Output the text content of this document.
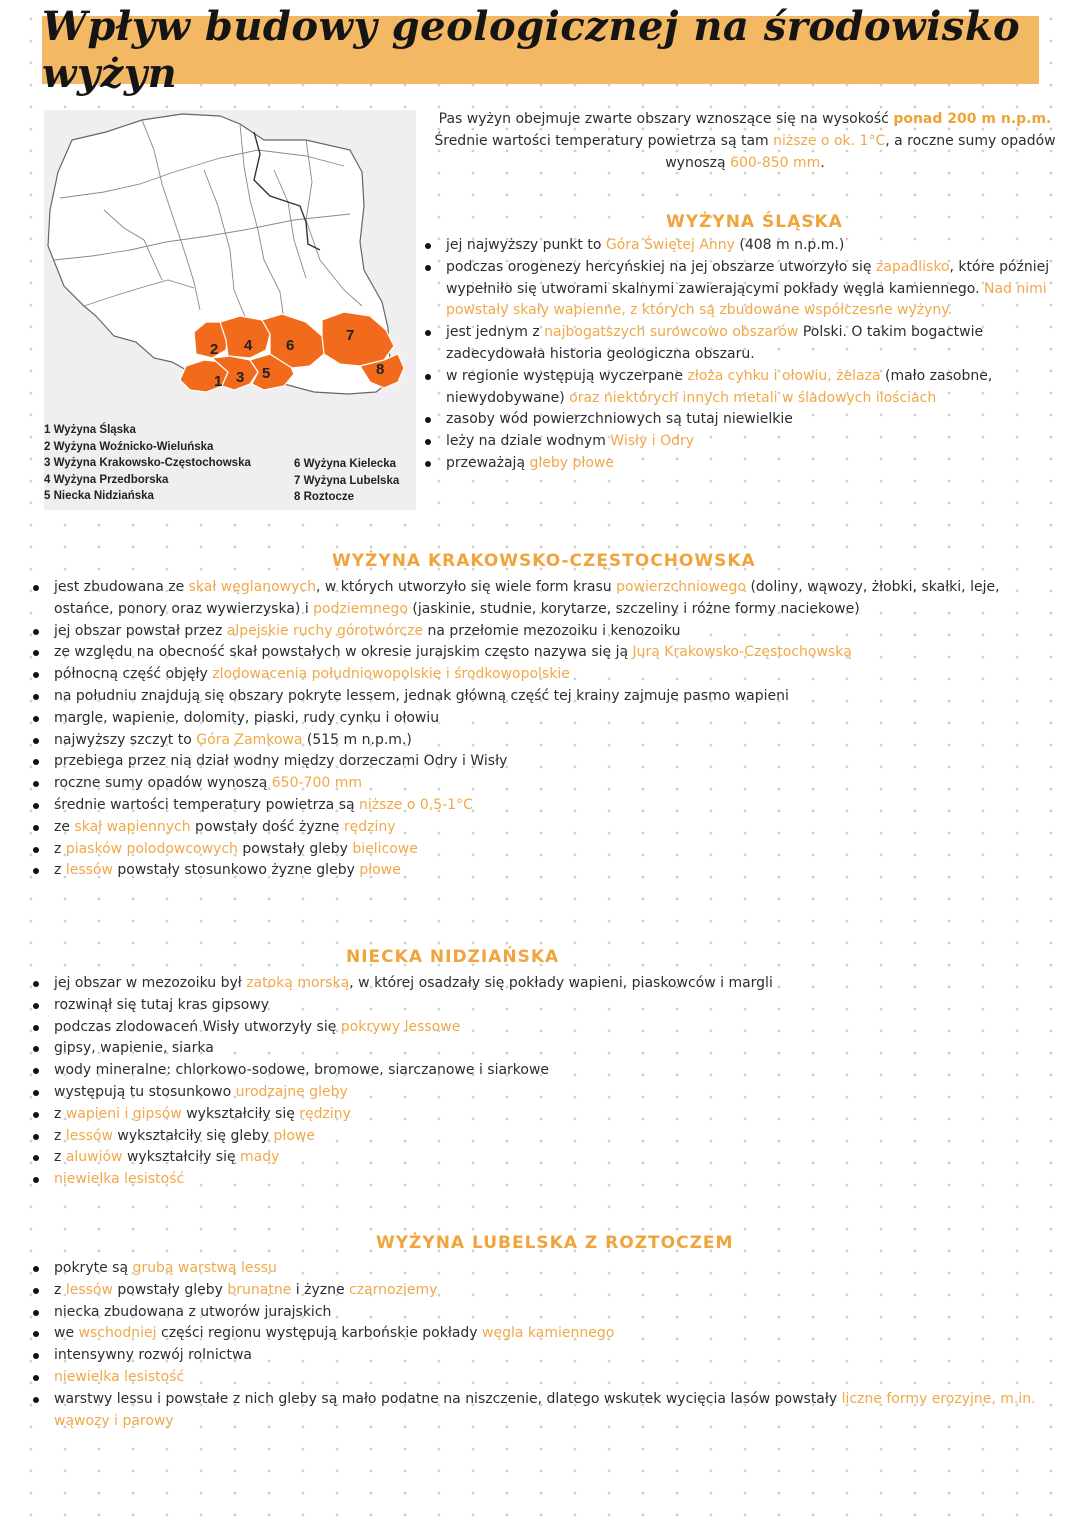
Wpływ budowy geologicznej na środowisko wyżyn
2 4
1 3 5
6
7
8
1 Wyżyna Śląska
2 Wyżyna Woźnicko-Wieluńska
3 Wyżyna Krakowsko-Częstochowska
4 Wyżyna Przedborska
5 Niecka Nidziańska
6 Wyżyna Kielecka
7 Wyżyna Lubelska
8 Roztocze

Pas wyżyn obejmuje zwarte obszary wznoszące się na wysokość ponad 200 m n.p.m.

Średnie wartości temperatury powietrza są tam niższe o ok. 1°C, a roczne sumy opadów wynoszą 600-850 mm.

WYŻYNA ŚLĄSKA
jej najwyższy punkt to Góra Świętej Anny (408 m n.p.m.)
podczas orogenezy hercyńskiej na jej obszarze utworzyło się zapadlisko, które później wypełniło się utworami skalnymi zawierającymi pokłady węgla kamiennego. Nad nimi powstały skały wapienne, z których są zbudowane współczesne wyżyny.
jest jednym z najbogatszych surowcowo obszarów Polski. O takim bogactwie zadecydowała historia geologiczna obszaru.
w regionie występują wyczerpane złoża cynku i ołowiu, żelaza (mało zasobne, niewydobywane) oraz niektórych innych metali w śladowych ilościach
zasoby wód powierzchniowych są tutaj niewielkie
leży na dziale wodnym Wisły i Odry
przeważają gleby płowe
WYŻYNA KRAKOWSKO-CZĘSTOCHOWSKA
jest zbudowana ze skał węglanowych, w których utworzyło się wiele form krasu powierzchniowego (doliny, wąwozy, żłobki, skałki, leje, ostańce, ponory oraz wywierzyska) i podziemnego (jaskinie, studnie, korytarze, szczeliny i różne formy naciekowe)
jej obszar powstał przez alpejskie ruchy górotwórcze na przełomie mezozoiku i kenozoiku
ze względu na obecność skał powstałych w okresie jurajskim często nazywa się ją Jurą Krakowsko-Częstochowską
północną część objęły zlodowacenia południowopolskie i środkowopolskie
na południu znajdują się obszary pokryte lessem, jednak główną część tej krainy zajmuje pasmo wapieni
margle, wapienie, dolomity, piaski, rudy cynku i ołowiu
najwyższy szczyt to Góra Zamkowa (515 m n.p.m.)
przebiega przez nią dział wodny między dorzeczami Odry i Wisły
roczne sumy opadów wynoszą 650-700 mm
średnie wartości temperatury powietrza są niższe o 0,5-1°C
ze skał wapiennych powstały dość żyzne rędziny
z piasków polodowcowych powstały gleby bielicowe
z lessów powstały stosunkowo żyzne gleby płowe
NIECKA NIDZIAŃSKA
jej obszar w mezozoiku był zatoką morską, w której osadzały się pokłady wapieni, piaskowców i margli
rozwinął się tutaj kras gipsowy
podczas zlodowaceń Wisły utworzyły się pokrywy lessowe
gipsy, wapienie, siarka
wody mineralne: chlorkowo-sodowe, bromowe, siarczanowe i siarkowe
występują tu stosunkowo urodzajne gleby
z wapieni i gipsów wykształciły się rędziny
z lessów wykształciły się gleby płowe
z aluwiów wykształciły się mady
niewielka lesistość
WYŻYNA LUBELSKA Z ROZTOCZEM
pokryte są grubą warstwą lessu
z lessów powstały gleby brunatne i żyzne czarnoziemy
niecka zbudowana z utworów jurajskich
we wschodniej części regionu występują karbońskie pokłady węgla kamiennego
intensywny rozwój rolnictwa
niewielka lesistość
warstwy lessu i powstałe z nich gleby są mało podatne na niszczenie, dlatego wskutek wycięcia lasów powstały liczne formy erozyjne, m.in. wąwozy i parowy
